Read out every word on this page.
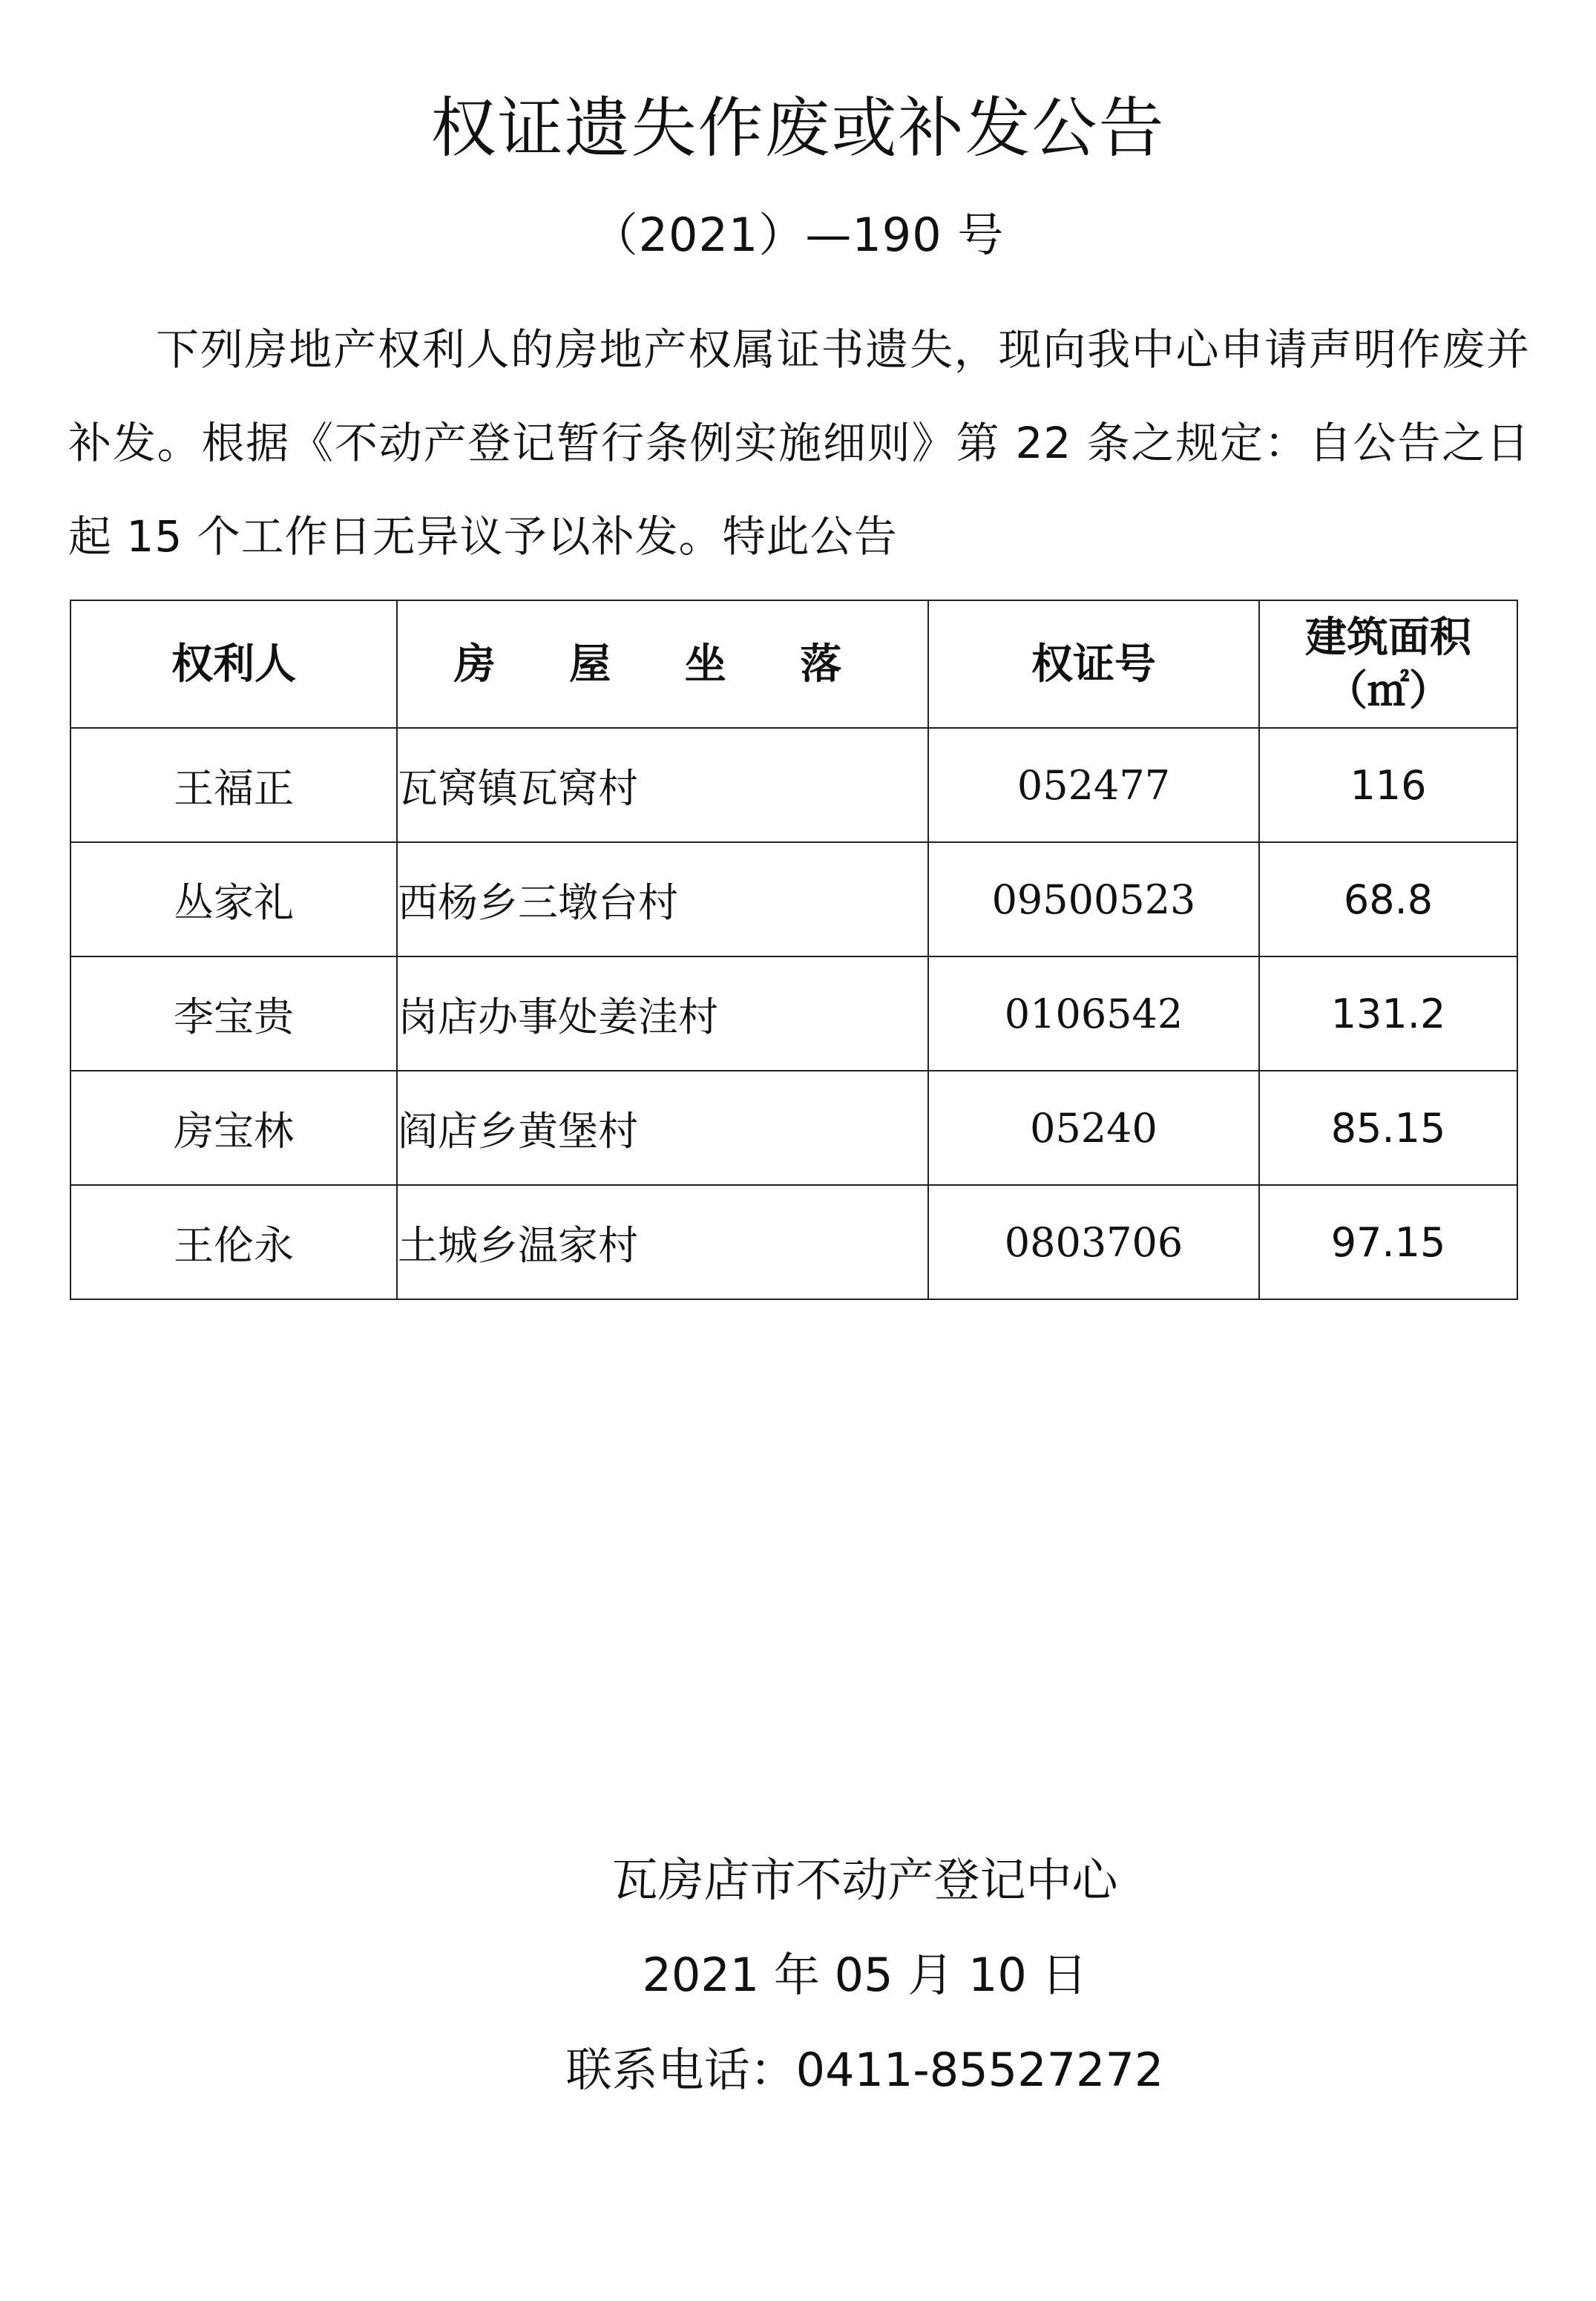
权证遗失作废或补发公告
（2021）—190 号

下列房地产权利人的房地产权属证书遗失，现向我中心申请声明作废并补发。根据《不动产登记暂行条例实施细则》第 22 条之规定：自公告之日起 15 个工作日无异议予以补发。特此公告

权利人	房 屋 坐 落	权证号	建筑面积
（㎡）

王福正	瓦窝镇瓦窝村	052477	116
丛家礼	西杨乡三墩台村	09500523	68.8
李宝贵	岗店办事处姜洼村	0106542	131.2
房宝林	阎店乡黄堡村	05240	85.15
王伦永	土城乡温家村	0803706	97.15
瓦房店市不动产登记中心
2021 年 05 月 10 日
联系电话：0411-85527272
